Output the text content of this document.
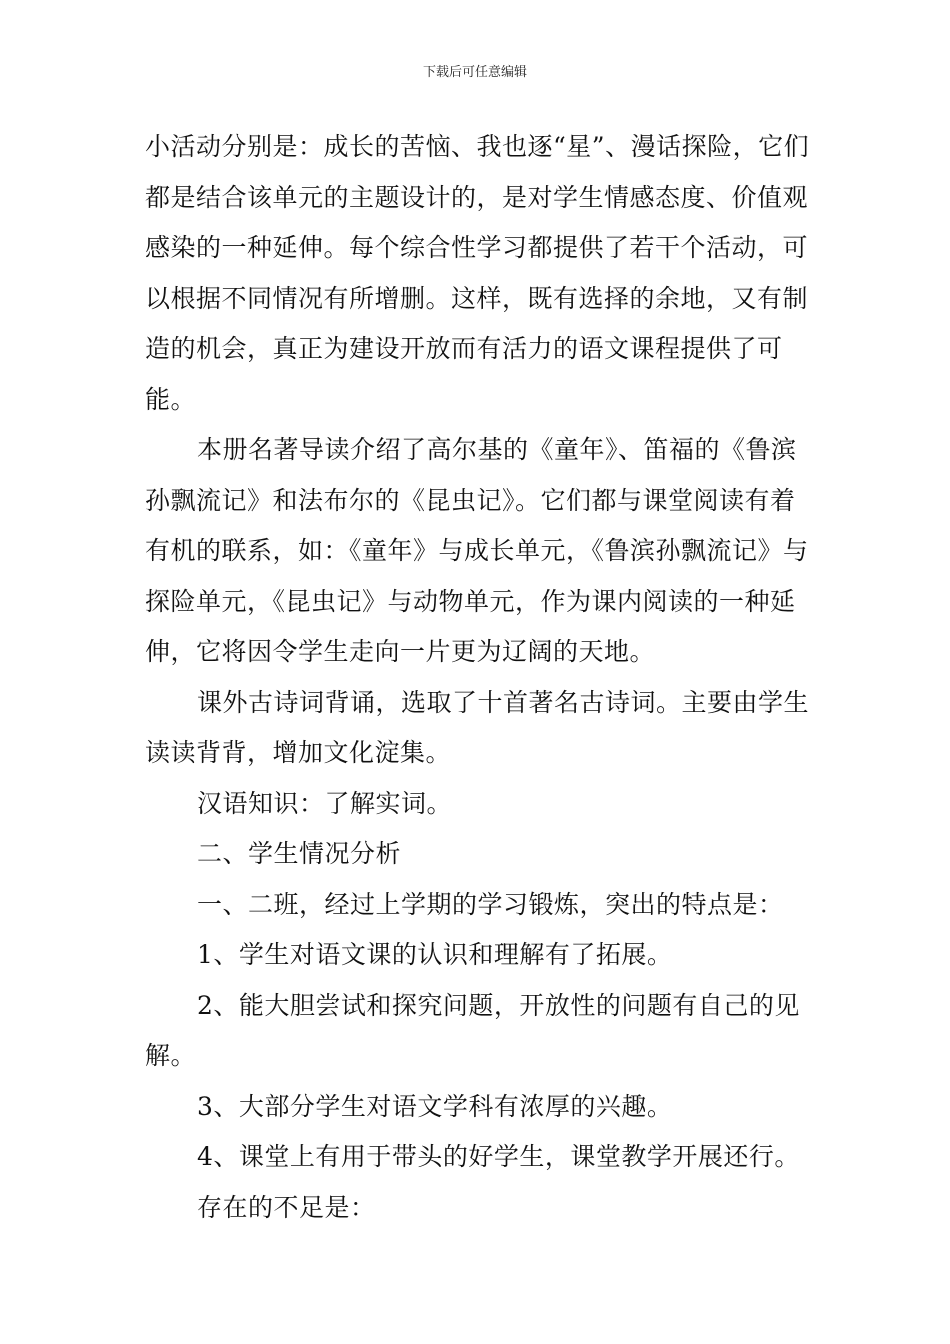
下载后可任意编辑

小活动分别是：成长的苦恼、我也逐“星”、漫话探险，它们都是结合该单元的主题设计的，是对学生情感态度、价值观感染的一种延伸。每个综合性学习都提供了若干个活动，可以根据不同情况有所增删。这样，既有选择的余地，又有制造的机会，真正为建设开放而有活力的语文课程提供了可能。

本册名著导读介绍了高尔基的《童年》、笛福的《鲁滨孙飘流记》和法布尔的《昆虫记》。它们都与课堂阅读有着有机的联系，如：《童年》与成长单元，《鲁滨孙飘流记》与探险单元，《昆虫记》与动物单元，作为课内阅读的一种延伸，它将因令学生走向一片更为辽阔的天地。

课外古诗词背诵，选取了十首著名古诗词。主要由学生读读背背，增加文化淀集。

汉语知识：了解实词。

二、学生情况分析

一、二班，经过上学期的学习锻炼，突出的特点是：

1、学生对语文课的认识和理解有了拓展。

2、能大胆尝试和探究问题，开放性的问题有自己的见解。

3、大部分学生对语文学科有浓厚的兴趣。

4、课堂上有用于带头的好学生，课堂教学开展还行。

存在的不足是：
